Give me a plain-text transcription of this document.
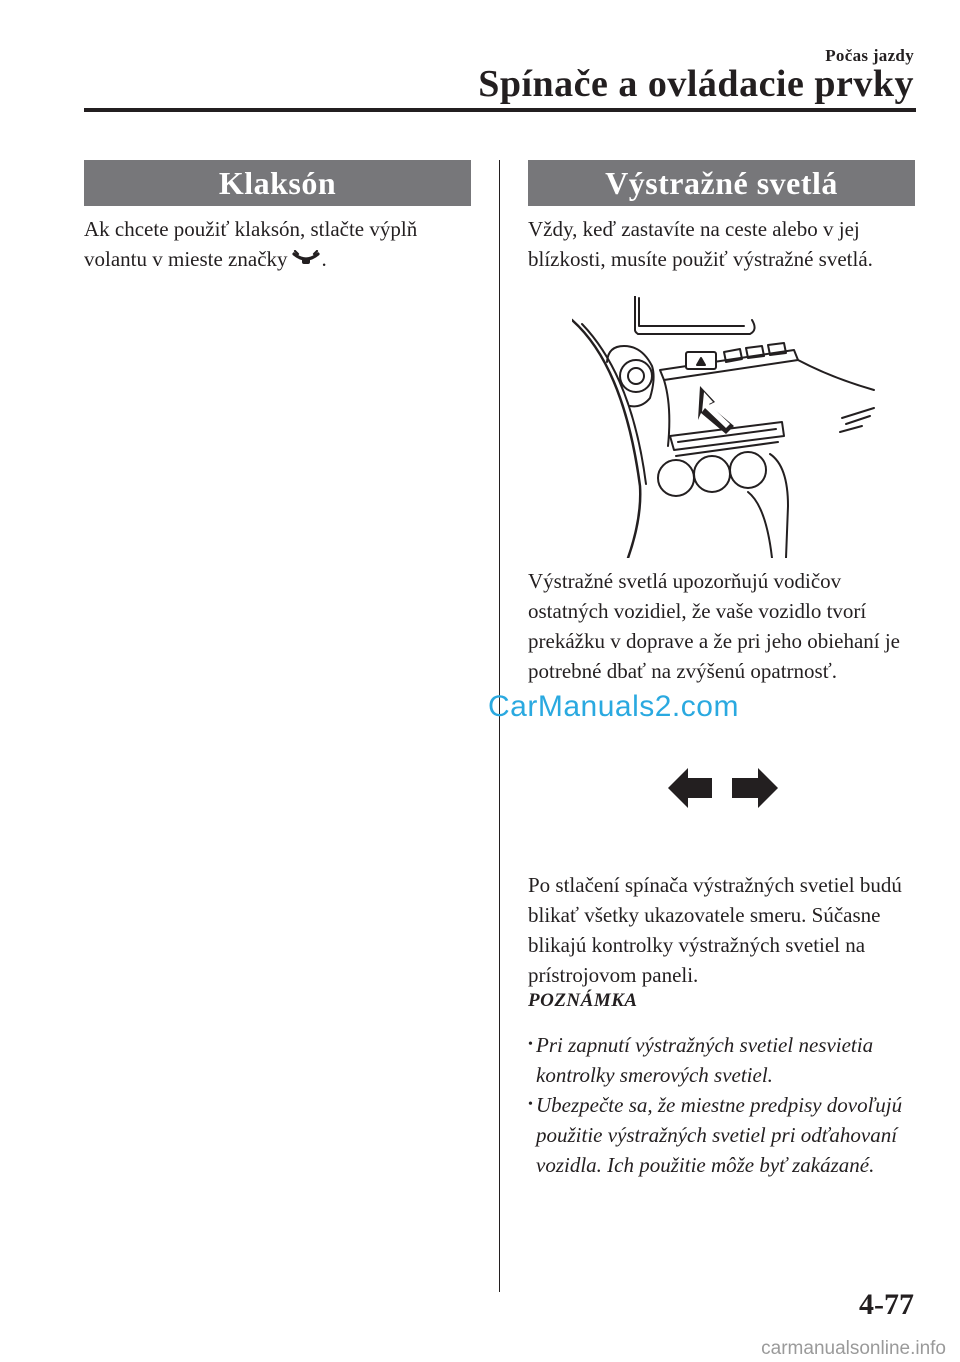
Počas jazdy
Spínače a ovládacie prvky
Klaksón

Ak chcete použiť klaksón, stlačte výplň volantu v mieste značky .

Výstražné svetlá

Vždy, keď zastavíte na ceste alebo v jej blízkosti, musíte použiť výstražné svetlá.

Výstražné svetlá upozorňujú vodičov ostatných vozidiel, že vaše vozidlo tvorí prekážku v doprave a že pri jeho obiehaní je potrebné dbať na zvýšenú opatrnosť.

CarManuals2.com

Po stlačení spínača výstražných svetiel budú blikať všetky ukazovatele smeru. Súčasne blikajú kontrolky výstražných svetiel na prístrojovom paneli.

POZNÁMKA
• Pri zapnutí výstražných svetiel nesvietia kontrolky smerových svetiel.
• Ubezpečte sa, že miestne predpisy dovoľujú použitie výstražných svetiel pri odťahovaní vozidla. Ich použitie môže byť zakázané.
4-77
carmanualsonline.info
